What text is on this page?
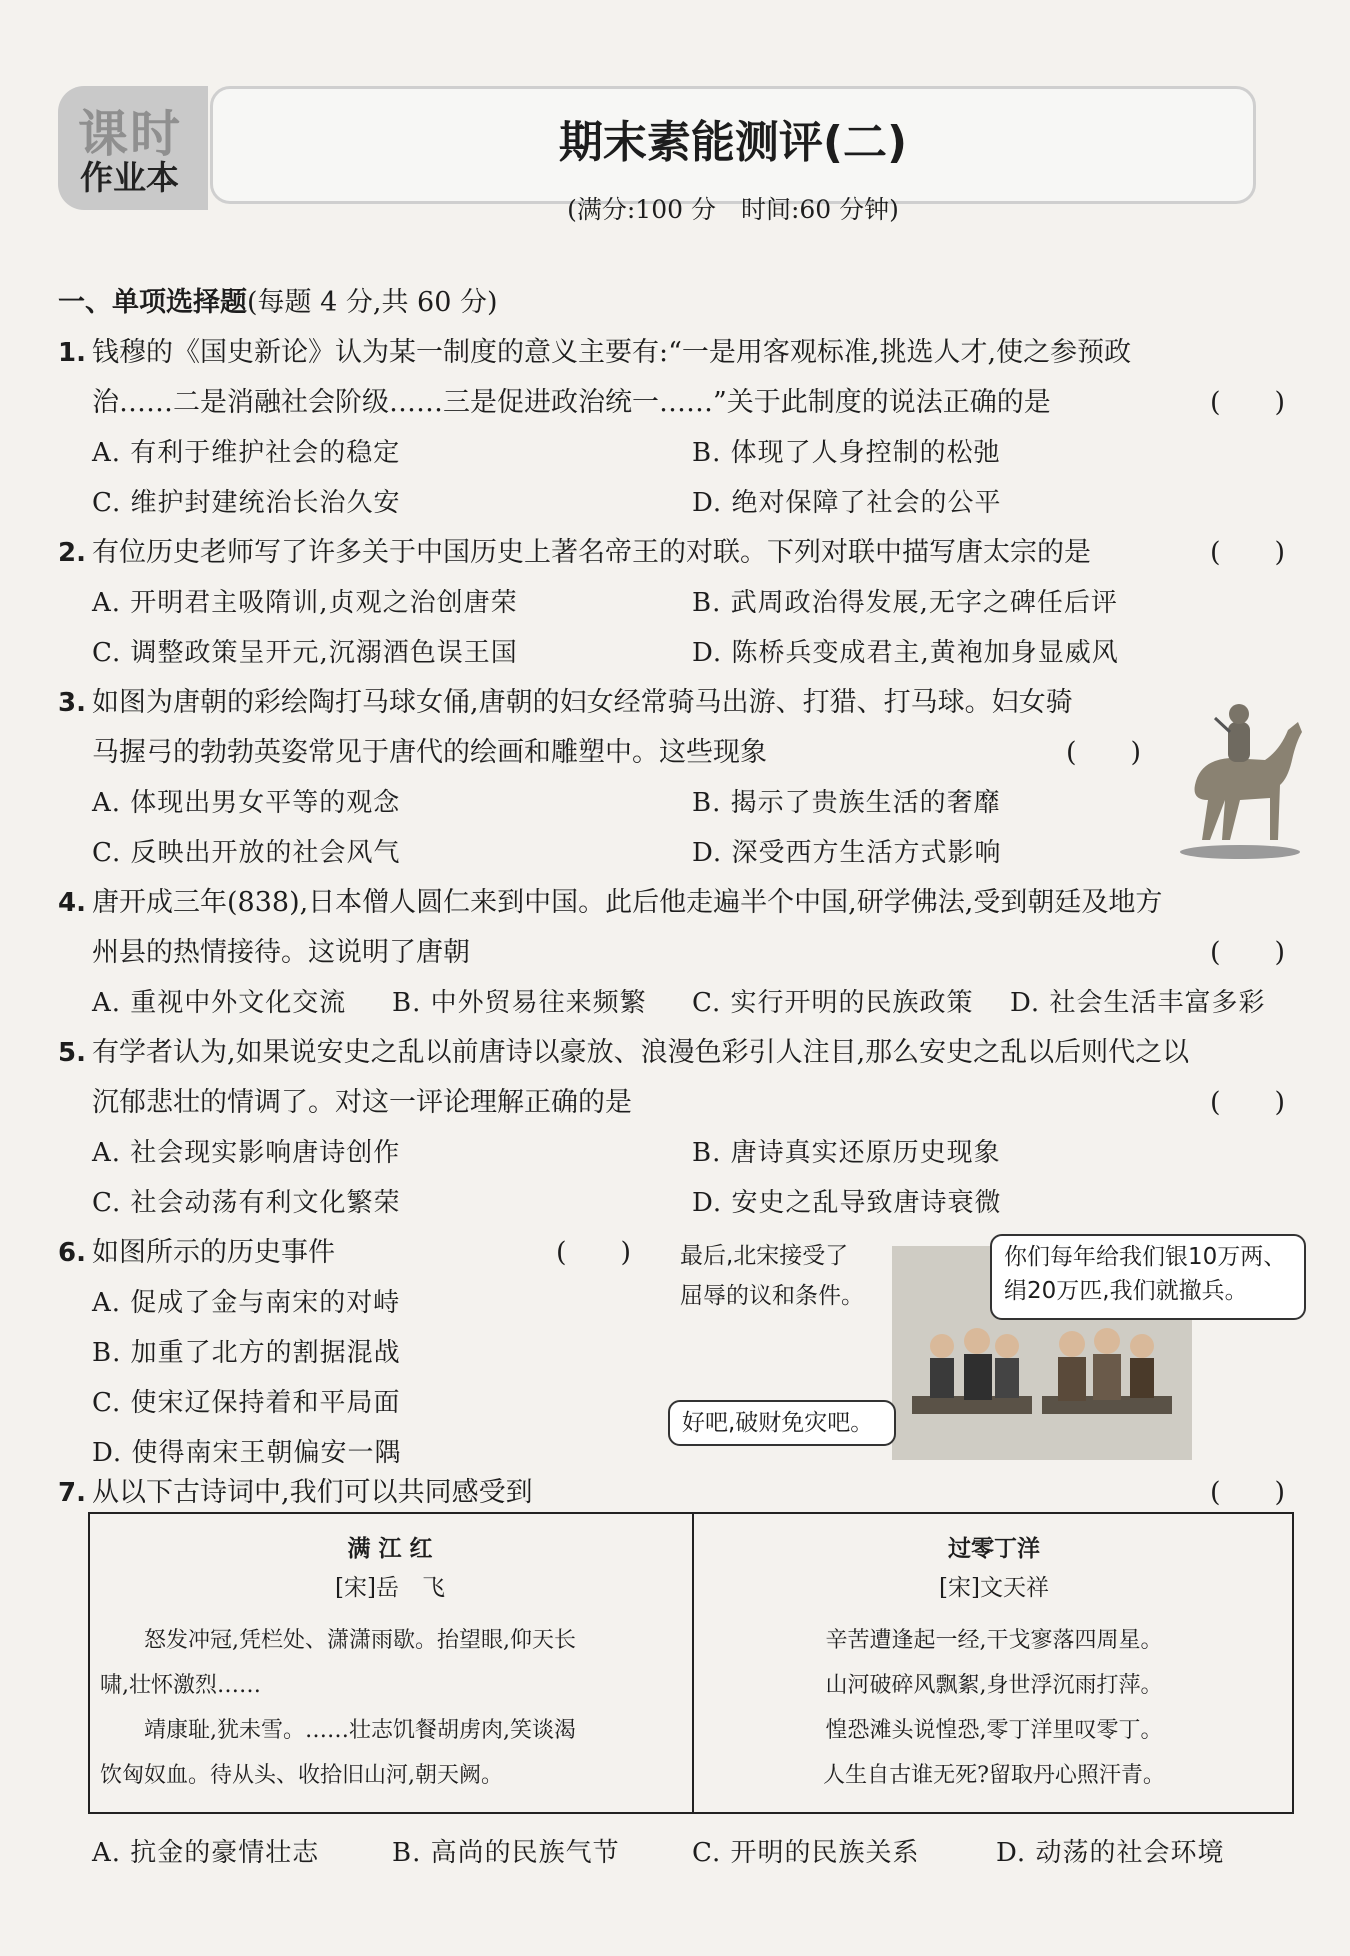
课时
作业本
期末素能测评(二)
(满分:100 分　时间:60 分钟)
一、单项选择题(每题 4 分,共 60 分)
1. 钱穆的《国史新论》认为某一制度的意义主要有:“一是用客观标准,挑选人才,使之参预政
治……二是消融社会阶级……三是促进政治统一……”关于此制度的说法正确的是	(　　)
A. 有利于维护社会的稳定	B. 体现了人身控制的松弛
C. 维护封建统治长治久安	D. 绝对保障了社会的公平
2. 有位历史老师写了许多关于中国历史上著名帝王的对联。下列对联中描写唐太宗的是	(　　)
A. 开明君主吸隋训,贞观之治创唐荣	B. 武周政治得发展,无字之碑任后评
C. 调整政策呈开元,沉溺酒色误王国	D. 陈桥兵变成君主,黄袍加身显威风
3. 如图为唐朝的彩绘陶打马球女俑,唐朝的妇女经常骑马出游、打猎、打马球。妇女骑
马握弓的勃勃英姿常见于唐代的绘画和雕塑中。这些现象	(　　)
A. 体现出男女平等的观念	B. 揭示了贵族生活的奢靡
C. 反映出开放的社会风气	D. 深受西方生活方式影响
4. 唐开成三年(838),日本僧人圆仁来到中国。此后他走遍半个中国,研学佛法,受到朝廷及地方
州县的热情接待。这说明了唐朝	(　　)
A. 重视中外文化交流 B. 中外贸易往来频繁 C. 实行开明的民族政策 D. 社会生活丰富多彩
5. 有学者认为,如果说安史之乱以前唐诗以豪放、浪漫色彩引人注目,那么安史之乱以后则代之以
沉郁悲壮的情调了。对这一评论理解正确的是	(　　)
A. 社会现实影响唐诗创作	B. 唐诗真实还原历史现象
C. 社会动荡有利文化繁荣	D. 安史之乱导致唐诗衰微
6. 如图所示的历史事件	(　　)
A. 促成了金与南宋的对峙
B. 加重了北方的割据混战
C. 使宋辽保持着和平局面
D. 使得南宋王朝偏安一隅
最后,北宋接受了
屈辱的议和条件。
你们每年给我们银10万两、
绢20万匹,我们就撤兵。
好吧,破财免灾吧。
7. 从以下古诗词中,我们可以共同感受到	(　　)
满 江 红
[宋]岳　飞
　　怒发冲冠,凭栏处、潇潇雨歇。抬望眼,仰天长
啸,壮怀激烈……
　　靖康耻,犹未雪。……壮志饥餐胡虏肉,笑谈渴
饮匈奴血。待从头、收拾旧山河,朝天阙。
过零丁洋
[宋]文天祥
辛苦遭逢起一经,干戈寥落四周星。
山河破碎风飘絮,身世浮沉雨打萍。
惶恐滩头说惶恐,零丁洋里叹零丁。
人生自古谁无死?留取丹心照汗青。
A. 抗金的豪情壮志	B. 高尚的民族气节	C. 开明的民族关系	D. 动荡的社会环境
